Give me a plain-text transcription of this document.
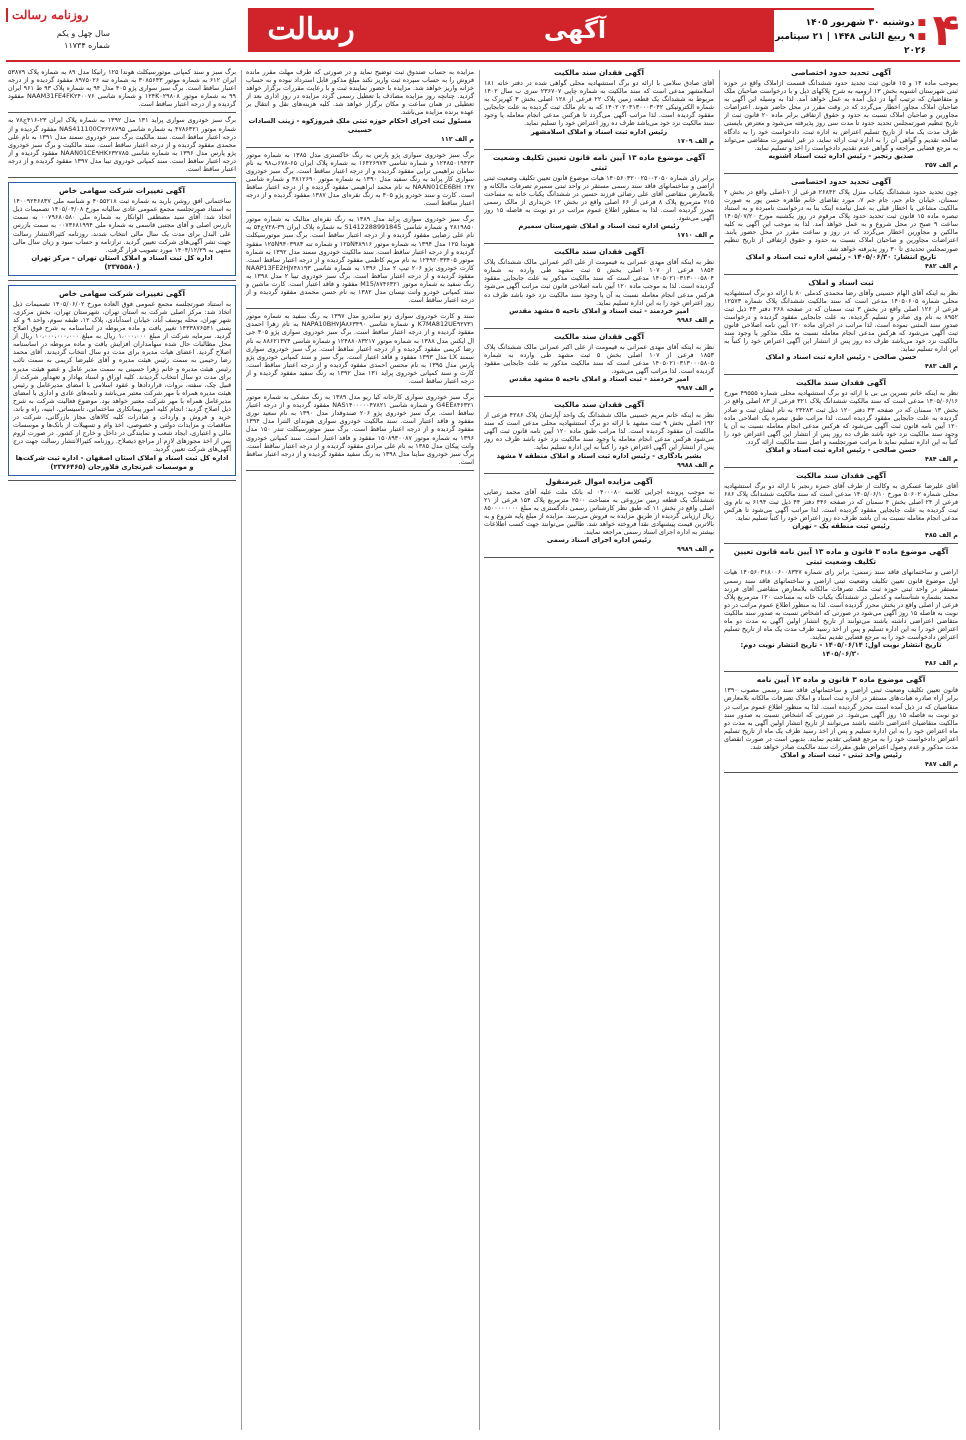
روزنامه رسالت
سال چهل و یکم
شماره ۱۱۷۳۴	رسالت	آگهی	■دوشنبه ۳۰ شهریور ۱۴۰۵
■۹ ربیع الثانی ۱۴۴۸ | ۲۱ سپتامبر ۲۰۲۶ ۴
آگهی تحدید حدود اختصاصی
بموجب ماده ۱۴ و ۱۵ قانون ثبت تحدید حدود ششدانگ قسمت ازاملاک واقع در حوزه ثبتی شهرستان اشنویه بخش ۱۳ ارومیه به شرح پلاکهای ذیل و با درخواست صاحبان ملک و متقاضیان که ترتیب آنها در ذیل آمده به عمل خواهد آمد. لذا به وسیله این آگهی به صاحبان املاک مجاور اخطار می‌گردد که در وقت مقرر در محل حاضر شوند. اعتراضات مجاورین و صاحبان املاک نسبت به حدود و حقوق ارتفاقی برابر ماده ۲۰ قانون ثبت از تاریخ تنظیم صورتمجلس تحدید حدود تا مدت سی روز پذیرفته می‌شود و معترض بایستی ظرف مدت یک ماه از تاریخ تسلیم اعتراض به اداره ثبت، دادخواست خود را به دادگاه صالحه تقدیم و گواهی آن را به اداره ثبت ارائه نماید، در غیر اینصورت متقاضی می‌تواند به مرجع قضایی مراجعه و گواهی عدم تقدیم دادخواست را اخذ و تسلیم نماید.
صدیق رنجبر - رئیس اداره ثبت اسناد اشنویه
م الف ۳۵۷
آگهی تحدید حدود اختصاصی
چون تحدید حدود ششدانگ یکباب منزل پلاک ۲۶۸۴۲ فرعی از ۱-اصلی واقع در بخش ۲ سمنان، خیابان جام جم، جام جم ۷، مورد تقاضای خانم طاهره حسن پور به صورت مالکیت مشاعی با اخطار قبلی به عمل نیامده اینک بنا به درخواست نامبرده و به استناد تبصره ماده ۱۵ قانون ثبت تحدید حدود پلاک مرقوم در روز یکشنبه مورخ ۱۴۰۵/۰۷/۲۰ ساعت ۹ صبح در محل شروع و به عمل خواهد آمد. لذا به موجب این آگهی به کلیه مالکین و مجاورین اخطار می‌گردد که در روز و ساعت مقرر در محل حضور یابند. اعتراضات مجاورین و صاحبان املاک نسبت به حدود و حقوق ارتفاقی از تاریخ تنظیم صورتمجلس تحدیدی تا ۳۰ روز پذیرفته خواهد شد.
تاریخ انتشار: ۱۴۰۵/۰۶/۳۰ - رئیس اداره ثبت اسناد و املاک
م الف ۴۸۲
ثبت اسناد و املاک
نظر به اینکه آقای الهام حسینی وآقای رضا محمدی کدملی ۸۰ با ارائه دو برگ استشهادیه محلی شماره ۱۴۰۵۰۶۰۵ مدعی است که سند مالکیت ششدانگ پلاک شماره ۱۲۵۷۳ فرعی از ۱۲۶ اصلی واقع در بخش ۳ ثبت سمنان که در صفحه ۲۶۸ دفتر ۴۳ ذیل ثبت ۸۹۵۲ به نام وی صادر و تسلیم گردیده، به علت جابجایی مفقود گردیده و درخواست صدور سند المثنی نموده است، لذا مراتب در اجرای ماده ۱۲۰ آیین نامه اصلاحی قانون ثبت آگهی می‌شود که هرکس مدعی انجام معامله نسبت به ملک مذکور یا وجود سند مالکیت نزد خود می‌باشد ظرف ده روز پس از انتشار این آگهی اعتراض خود را کتباً به این اداره تسلیم نماید.
حسن صالحی - رئیس اداره ثبت اسناد و املاک
م الف ۴۸۳
آگهی فقدان سند مالکیت
نظر به اینکه خانم نسرین بی بی با ارائه دو برگ استشهادیه محلی شماره ۴۹۵۵۵ مورخ ۱۴۰۵/۰۶/۱۶ مدعی است که سند مالکیت ششدانگ پلاک ۳۲۱ فرعی از ۸۳ اصلی واقع در بخش ۱۳ سمنان که در صفحه ۴۳ دفتر ۱۲۰ ذیل ثبت ۲۳۲۸۳ به نام ایشان ثبت و صادر گردیده به علت جابجایی مفقود گردیده است، لذا مراتب طبق تبصره یک اصلاحی ماده ۱۲۰ آیین نامه قانون ثبت آگهی می‌شود که هرکس مدعی انجام معامله نسبت به آن یا وجود سند مالکیت نزد خود باشد ظرف ده روز پس از انتشار این آگهی اعتراض خود را کتباً به این اداره تسلیم نماید تا مراتب صورتجلسه و اصل سند مالکیت ارائه گردد.
حسن صالحی - رئیس اداره ثبت اسناد و املاک
م الف ۴۸۴
آگهی فقدان سند مالکیت
آقای علیرضا عسکری به وکالت از طرف آقای حمزه رنجبر با ارائه دو برگ استشهادیه محلی شماره ۵۰۶۰۲ مورخ ۱۴۰۵/۰۶/۱۰ مدعی است که سند مالکیت ششدانگ پلاک ۶۸۶ فرعی از ۲۴ اصلی بخش ۴ سمنان که در صفحه ۴۴۶ دفتر ۴۴ ذیل ثبت ۶۱۹۴ به نام وی ثبت گردیده به علت جابجایی مفقود گردیده است. لذا مراتب آگهی می‌شود تا هرکس مدعی انجام معامله نسبت به آن باشد ظرف ده روز اعتراض خود را کتباً تسلیم نماید.
رئیس ثبت منطقه یک - تهران
م الف ۴۸۵
آگهی موضوع ماده ۳ قانون و ماده ۱۳ آیین نامه قانون تعیین تکلیف وضعیت ثبتی
اراضی و ساختمانهای فاقد سند رسمی: برابر رای شماره ۱۴۰۵۶۰۳۱۸۰۰۶۰۰۸۳۴۷ هیات اول موضوع قانون تعیین تکلیف وضعیت ثبتی اراضی و ساختمانهای فاقد سند رسمی مستقر در واحد ثبتی حوزه ثبت ملک تصرفات مالکانه بلامعارض متقاضی آقای فرزند محمد بشماره شناسنامه و کدملی در ششدانگ یکباب خانه به مساحت ۱۲۰ مترمربع پلاک فرعی از اصلی واقع در بخش محرز گردیده است. لذا به منظور اطلاع عموم مراتب در دو نوبت به فاصله ۱۵ روز آگهی می‌شود در صورتی که اشخاص نسبت به صدور سند مالکیت متقاضی اعتراضی داشته باشند می‌توانند از تاریخ انتشار اولین آگهی به مدت دو ماه اعتراض خود را به این اداره تسلیم و پس از اخذ رسید ظرف مدت یک ماه از تاریخ تسلیم اعتراض دادخواست خود را به مرجع قضایی تقدیم نمایند.
تاریخ انتشار نوبت اول: ۱۴۰۵/۰۶/۱۴ - تاریخ انتشار نوبت دوم: ۱۴۰۵/۰۶/۳۰
م الف ۴۸۶
آگهی موضوع ماده ۳ قانون و ماده ۱۳ آیین نامه
قانون تعیین تکلیف وضعیت ثبتی اراضی و ساختمانهای فاقد سند رسمی مصوب ۱۳۹۰ برابر آراء صادره هیات‌های مستقر در اداره ثبت اسناد و املاک تصرفات مالکانه بلامعارض متقاضیان که در ذیل آمده است محرز گردیده است. لذا به منظور اطلاع عموم مراتب در دو نوبت به فاصله ۱۵ روز آگهی می‌شود. در صورتی که اشخاص نسبت به صدور سند مالکیت متقاضیان اعتراضی داشته باشند می‌توانند از تاریخ انتشار اولین آگهی به مدت دو ماه اعتراض خود را به این اداره تسلیم و پس از اخذ رسید ظرف یک ماه از تاریخ تسلیم اعتراض دادخواست خود را به مرجع قضایی تقدیم نمایند. بدیهی است در صورت انقضای مدت مذکور و عدم وصول اعتراض طبق مقررات سند مالکیت صادر خواهد شد.
رئیس واحد ثبتی - ثبت اسناد و املاک
م الف ۴۸۷
آگهی فقدان سند مالکیت
آقای صادق سلامی با ارائه دو برگ استشهادیه محلی گواهی شده در دفتر خانه ۱۸۱ اسلامشهر مدعی است که سند مالکیت به شماره چاپی ۲۳۶۷۰۷ سری ب سال ۱۴۰۲ مربوط به ششدانگ یک قطعه زمین پلاک ۲۲ فرعی از ۱۲۸ اصلی بخش ۳ کهریزک به شماره الکترونیکی ۱۴۰۲۰۲۰۳۱۳۰۰۰۳۰۴۲ که به نام مالک ثبت گردیده به علت جابجایی مفقود گردیده است. لذا مراتب آگهی می‌گردد تا هرکس مدعی انجام معامله یا وجود سند مالکیت نزد خود می‌باشد ظرف ده روز اعتراض خود را تسلیم نماید.
رئیس اداره ثبت اسناد و املاک اسلامشهر
م الف ۱۷۰۹
آگهی موضوع ماده ۱۳ آیین نامه قانون تعیین تکلیف وضعیت ثبتی
برابر رای شماره ۱۴۰۵۶۰۳۲۰۰۲۵۰۰۲۰۵۰ هیات موضوع قانون تعیین تکلیف وضعیت ثبتی اراضی و ساختمانهای فاقد سند رسمی مستقر در واحد ثبتی سمیرم تصرفات مالکانه و بلامعارض متقاضی آقای علی رضائی فرزند حسین در ششدانگ یکباب خانه به مساحت ۲۱۵ مترمربع پلاک ۸ فرعی از ۶۶ اصلی واقع در بخش ۱۲ خریداری از مالک رسمی محرز گردیده است. لذا به منظور اطلاع عموم مراتب در دو نوبت به فاصله ۱۵ روز آگهی می‌شود.
رئیس اداره ثبت اسناد و املاک شهرستان سمیرم
م الف ۱۷۱۰
آگهی فقدان سند مالکیت
نظر به اینکه آقای مهدی عمرانی به قیمومت از علی اکبر عمرانی مالک ششدانگ پلاک ۱۸۵۴ فرعی از ۱۰۷ اصلی بخش ۵ ثبت مشهد طی وارده به شماره ۱۴۰۵۰۲۱۰۳۱۳۰۰۰۵۸۰۴ مدعی است که سند مالکیت مذکور به علت جابجایی مفقود گردیده است. لذا به موجب ماده ۱۲۰ آیین نامه اصلاحی قانون ثبت مراتب آگهی می‌شود هرکس مدعی انجام معامله نسبت به آن یا وجود سند مالکیت نزد خود باشد ظرف ده روز اعتراض خود را به این اداره تسلیم نماید.
امیر خردمند - ثبت اسناد و املاک ناحیه ۵ مشهد مقدس
م الف ۹۹۸۶
آگهی فقدان سند مالکیت
نظر به اینکه آقای مهدی عمرانی به قیمومت از علی اکبر عمرانی مالک ششدانگ پلاک ۱۸۵۳ فرعی از ۱۰۷ اصلی بخش ۵ ثبت مشهد طی وارده به شماره ۱۴۰۵۰۲۱۰۳۱۳۰۰۰۵۸۰۵ مدعی است که سند مالکیت مذکور به علت جابجایی مفقود گردیده است. لذا مراتب آگهی می‌شود.
امیر خردمند - ثبت اسناد و املاک ناحیه ۵ مشهد مقدس
م الف ۹۹۸۷
آگهی فقدان سند مالکیت
نظر به اینکه خانم مریم حسینی مالک ششدانگ یک واحد آپارتمان پلاک ۴۲۸۶ فرعی از ۱۹۲ اصلی بخش ۹ ثبت مشهد با ارائه دو برگ استشهادیه محلی مدعی است که سند مالکیت آن مفقود گردیده است. لذا مراتب طبق ماده ۱۲۰ آیین نامه قانون ثبت آگهی می‌شود هرکس مدعی انجام معامله یا وجود سند مالکیت نزد خود باشد ظرف ده روز پس از انتشار این آگهی اعتراض خود را کتباً به این اداره تسلیم نماید.
بشیر یادگاری - رئیس اداره ثبت اسناد و املاک منطقه ۷ مشهد
م الف ۹۹۸۸
آگهی مزایده اموال غیرمنقول
به موجب پرونده اجرایی کلاسه ۰۴۰۰۰۸۰ له بانک ملت علیه آقای محمد رضایی ششدانگ یک قطعه زمین مزروعی به مساحت ۲۵۰۰ مترمربع پلاک ۱۵۴ فرعی از ۲۱ اصلی واقع در بخش ۱۱ که طبق نظر کارشناس رسمی دادگستری به مبلغ ۸۵۰۰۰۰۰۰۰۰ ریال ارزیابی گردیده از طریق مزایده به فروش می‌رسد. مزایده از مبلغ پایه شروع و به بالاترین قیمت پیشنهادی نقداً فروخته خواهد شد. طالبین می‌توانند جهت کسب اطلاعات بیشتر به اداره اجرای اسناد رسمی مراجعه نمایند.
رئیس اداره اجرای اسناد رسمی
م الف ۹۹۸۹
مزایده به حساب صندوق ثبت توضیح نماید و در صورتی که طرف مهلت مقرر مانده فروش را به حساب سپرده ثبت واریز نکند مبلغ مذکور قابل استرداد نبوده و به حساب خزانه واریز خواهد شد. مزایده با حضور نماینده ثبت و با رعایت مقررات برگزار خواهد گردید. چنانچه روز مزایده مصادف با تعطیل رسمی گردد مزایده در روز اداری بعد از تعطیلی در همان ساعت و مکان برگزار خواهد شد. کلیه هزینه‌های نقل و انتقال بر عهده برنده مزایده می‌باشد.
مسئول ثبت اجرای احکام حوزه ثبتی ملک فیروزکوه - زینب السادات حسینی
م الف ۱۱۲
برگ سبز خودروی سواری پژو پارس به رنگ خاکستری مدل ۱۳۸۵ به شماره موتور ۱۲۴۸۵۰۱۹۴۲۳ و شماره شاسی ۱۶۴۲۶۹۷۳ به شماره پلاک ایران ۶۵-۶۷۸ب۹۸ به نام سامان براهیمی ترابی مفقود گردیده و از درجه اعتبار ساقط است. برگ سبز خودروی سواری کار پراید به رنگ سفید مدل ۱۳۹۰ به شماره موتور ۳۸۱۲۶۹۰ و شماره شاسی NAAN01CE6BH ۱۴۷ به نام محمد ابراهیمی مفقود گردیده و از درجه اعتبار ساقط است. کارت و سند خودرو پژو ۴۰۵ به رنگ نقره‌ای مدل ۱۳۸۷ مفقود گردیده و از درجه اعتبار ساقط است.
برگ سبز خودروی سواری پراید مدل ۱۳۸۹ به رنگ نقره‌ای متالیک به شماره موتور ۲۸۱۹۸۵۰ و شماره شاسی S1412288991845 به شماره پلاک ایران ۳۹-۷۲۸ج۵۴ به نام علی رضایی مفقود گردیده و از درجه اعتبار ساقط است. برگ سبز موتورسیکلت هوندا ۱۲۵ مدل ۱۳۹۴ به شماره موتور ۱۲۵N۳۸۹۱۶ و شماره تنه ۱۲۵N۹۴۰۳۹۸۳ مفقود گردیده و از درجه اعتبار ساقط است. سند مالکیت خودروی سمند مدل ۱۳۹۲ به شماره موتور ۱۲۴۹۲۰۳۳۴۰۵ به نام مریم کاظمی مفقود گردیده و از درجه اعتبار ساقط است. کارت خودروی پژو ۲۰۶ تیپ ۲ مدل ۱۳۹۶ به شماره شاسی NAAP13FE2HJ۷۴۸۱۹۳ مفقود گردیده و از درجه اعتبار ساقط است. برگ سبز خودروی تیبا ۲ مدل ۱۳۹۸ به رنگ سفید به شماره موتور M15/۸۷۴۶۳۲۱ مفقود و فاقد اعتبار است. کارت ماشین و سند کمپانی خودرو وانت نیسان مدل ۱۳۸۲ به نام حسن محمدی مفقود گردیده و از درجه اعتبار ساقط است.
سند و کارت خودروی سواری رنو ساندرو مدل ۱۳۹۷ به رنگ سفید به شماره موتور K7MA812UE۹۲۷۳۱ و شماره شاسی NAPA10BH۷JA۸۶۳۴۹۰ به نام زهرا احمدی مفقود گردیده و از درجه اعتبار ساقط است. برگ سبز خودروی سواری پژو ۴۰۵ جی ال ایکس مدل ۱۳۸۸ به شماره موتور ۱۲۴۸۸۰۸۳۲۱۷ و شماره شاسی ۸۸۶۲۱۳۷۴ به نام رضا کریمی مفقود گردیده و از درجه اعتبار ساقط است. برگ سبز خودروی سواری سمند LX مدل ۱۳۹۳ مفقود و فاقد اعتبار است. برگ سبز و سند کمپانی خودروی پژو پارس مدل ۱۳۹۵ به نام محسن احمدی مفقود گردیده و از درجه اعتبار ساقط است. کارت و سند کمپانی خودروی پراید ۱۳۱ مدل ۱۳۹۲ به رنگ سفید مفقود گردیده و از درجه اعتبار ساقط است.
برگ سبز خودروی سواری کارخانه کیا ریو مدل ۱۳۸۹ به رنگ مشکی به شماره موتور G4EE۸۴۶۳۲۱ و شماره شاسی NAS۱۴۰۰۰۰۰۴۷۸۲۱ مفقود گردیده و از درجه اعتبار ساقط است. برگ سبز خودروی پژو ۲۰۶ صندوقدار مدل ۱۳۹۰ به نام سعید نوری مفقود و فاقد اعتبار است. سند مالکیت خودروی سواری هیوندای النترا مدل ۱۳۹۴ مفقود گردیده و از درجه اعتبار ساقط است. برگ سبز موتورسیکلت تندر ۱۵۰ مدل ۱۳۹۶ به شماره موتور ۱۵۰۸۹۳۰۰۸۷ مفقود و فاقد اعتبار است. سند کمپانی خودروی وانت پیکان مدل ۱۳۸۵ به نام علی مرادی مفقود گردیده و از درجه اعتبار ساقط است. برگ سبز خودروی ساینا مدل ۱۳۹۸ به رنگ سفید مفقود گردیده و از درجه اعتبار ساقط است.
برگ سبز و سند کمپانی موتورسیکلت هوندا ۱۲۵ رانیکا مدل ۸۹ به شماره پلاک ۵۳۸۷۹ ایران ۶۱۲ به شماره موتور ۳۰۸۵۶۴۳ به شماره تنه ۸۹۷۵۰۲۶ مفقود گردیده و از درجه اعتبار ساقط است. برگ سبز سواری پژو ۴۰۵ مدل ۹۴ به شماره پلاک ۹۳ ط ۹۶۱ ایران ۹۹ به شماره موتور ۱۲۴K۰۲۹۸۰۸ و شماره شاسی NAAM31FE4FK۲۴۰۰۷۶ مفقود گردیده و از درجه اعتبار ساقط است.
برگ سبز خودروی سواری پراید ۱۳۱ مدل ۱۳۹۲ به شماره پلاک ایران ۲۳-۴۱۶ج۷۸ به شماره موتور ۴۷۸۶۳۲۱ به شماره شاسی NAS411100C۳۶۲۸۷۹۵ مفقود گردیده و از درجه اعتبار ساقط است. سند مالکیت برگ سبز خودروی سمند مدل ۱۳۹۱ به نام علی محمدی مفقود گردیده و از درجه اعتبار ساقط است. سند مالکیت و برگ سبز خودروی پژو پارس مدل ۱۳۹۶ به شماره شاسی NAAN01CE۹HK۶۳۲۷۸۵ مفقود گردیده و از درجه اعتبار ساقط است. سند کمپانی خودروی تیبا مدل ۱۳۹۷ مفقود گردیده و از درجه اعتبار ساقط است.
آگهی تغییرات شرکت سهامی خاص
ساختمانی افق روشن بارید به شماره ثبت ۴۰۵۵۲۱۸ و شناسه ملی ۱۴۰۰۹۲۴۶۸۳۷ به استناد صورتجلسه مجمع عمومی عادی سالیانه مورخ ۱۴۰۵/۰۴/۰۸ تصمیمات ذیل اتخاذ شد: آقای سید مصطفی الوانکار به شماره ملی ۰۰۷۹۶۸۰۵۸۰ به سمت بازرس اصلی و آقای مجتبی قاسمی به شماره ملی ۰۰۷۳۶۸۱۹۹۴ به سمت بازرس علی البدل برای مدت یک سال مالی انتخاب شدند. روزنامه کثیرالانتشار رسالت جهت نشر آگهی‌های شرکت تعیین گردید. ترازنامه و حساب سود و زیان سال مالی منتهی به ۱۴۰۴/۱۲/۲۹ مورد تصویب قرار گرفت.
اداره کل ثبت اسناد و املاک استان تهران - مرکز تهران (۲۳۷۵۵۸۰)
آگهی تغییرات شرکت سهامی خاص
به استناد صورتجلسه مجمع عمومی فوق العاده مورخ ۱۴۰۵/۰۶/۰۲ تصمیمات ذیل اتخاذ شد: مرکز اصلی شرکت به استان تهران، شهرستان تهران، بخش مرکزی، شهر تهران، محله یوسف آباد، خیابان اسدآبادی، پلاک ۱۲، طبقه سوم، واحد ۹ و کد پستی ۱۴۳۳۸۷۶۵۴۱ تغییر یافت و ماده مربوطه در اساسنامه به شرح فوق اصلاح گردید. سرمایه شرکت از مبلغ ۱،۰۰۰،۰۰۰ ریال به مبلغ ۱۰،۰۰۰،۰۰۰،۰۰۰ ریال از محل مطالبات حال شده سهامداران افزایش یافت و ماده مربوطه در اساسنامه اصلاح گردید. اعضای هیات مدیره برای مدت دو سال انتخاب گردیدند. آقای محمد رضا رحیمی به سمت رئیس هیئت مدیره و آقای علیرضا کریمی به سمت نائب رئیس هیئت مدیره و خانم زهرا حسینی به سمت مدیر عامل و عضو هیئت مدیره برای مدت دو سال انتخاب گردیدند. کلیه اوراق و اسناد بهادار و تعهدآور شرکت از قبیل چک، سفته، بروات، قراردادها و عقود اسلامی با امضای مدیرعامل و رئیس هیئت مدیره همراه با مهر شرکت معتبر می‌باشد و نامه‌های عادی و اداری با امضای مدیرعامل همراه با مهر شرکت معتبر خواهد بود. موضوع فعالیت شرکت به شرح ذیل اصلاح گردید: انجام کلیه امور پیمانکاری ساختمانی، تاسیساتی، ابنیه، راه و باند، خرید و فروش و واردات و صادرات کلیه کالاهای مجاز بازرگانی، شرکت در مناقصات و مزایدات دولتی و خصوصی، اخذ وام و تسهیلات از بانک‌ها و موسسات مالی و اعتباری، ایجاد شعب و نمایندگی در داخل و خارج از کشور. در صورت لزوم پس از اخذ مجوزهای لازم از مراجع ذیصلاح. روزنامه کثیرالانتشار رسالت جهت درج آگهی‌های شرکت تعیین گردید.
اداره کل ثبت اسناد و املاک استان اصفهان - اداره ثبت شرکت‌ها و موسسات غیرتجاری فلاورجان (۲۳۷۶۴۶۵)
